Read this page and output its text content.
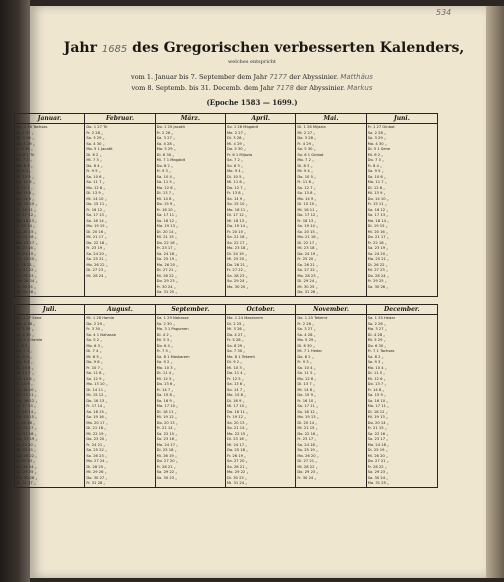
534
Jahr 1685 des Gregorischen verbesserten Kalenders,
welches entspricht
vom 1. Januar bis 7. September dem Jahr 7177 der Abyssinier. Matthäus
vom 8. Septemb. bis 31. Decemb. dem Jahr 7178 der Abyssinier. Markus
(Epoche 1583 — 1699.)
Januar.
Mo. 1 26 Tachsas
Di. 2 27 „
Mi. 3 28 „
Do. 4 29 „
Fr. 5 30 „
Sa. 6 1 Tir
So. 7 2 „
Mo. 8 3 „
Di. 9 4 „
Mi. 10 5 „
Do. 11 6 „
Fr. 12 7 „
Sa. 13 8 „
So. 14 9 „
Mo. 15 10 „
Di. 16 11 „
Mi. 17 12 „
Do. 18 13 „
Fr. 19 14 „
Sa. 20 15 „
So. 21 16 „
Mo. 22 17 „
Di. 23 18 „
Mi. 24 19 „
Do. 25 20 „
Fr. 26 21 „
Sa. 27 22 „
So. 28 23 „
Mo. 29 24 „
Di. 30 25 „
Mi. 31 26 „
Februar.
Do. 1 27 Tir
Fr. 2 28 „
Sa. 3 29 „
So. 4 30 „
Mo. 5 1 Jacatit
Di. 6 2 „
Mi. 7 3 „
Do. 8 4 „
Fr. 9 5 „
Sa. 10 6 „
So. 11 7 „
Mo. 12 8 „
Di. 13 9 „
Mi. 14 10 „
Do. 15 11 „
Fr. 16 12 „
Sa. 17 13 „
So. 18 14 „
Mo. 19 15 „
Di. 20 16 „
Mi. 21 17 „
Do. 22 18 „
Fr. 23 19 „
Sa. 24 20 „
So. 25 21 „
Mo. 26 22 „
Di. 27 23 „
Mi. 28 24 „
März.
Do. 1 25 Jacatit
Fr. 2 26 „
Sa. 3 27 „
So. 4 28 „
Mo. 5 29 „
Di. 6 30 „
Mi. 7 1 Magabit
Do. 8 2 „
Fr. 9 3 „
Sa. 10 4 „
So. 11 5 „
Mo. 12 6 „
Di. 13 7 „
Mi. 14 8 „
Do. 15 9 „
Fr. 16 10 „
Sa. 17 11 „
So. 18 12 „
Mo. 19 13 „
Di. 20 14 „
Mi. 21 15 „
Do. 22 16 „
Fr. 23 17 „
Sa. 24 18 „
So. 25 19 „
Mo. 26 20 „
Di. 27 21 „
Mi. 28 22 „
Do. 29 23 „
Fr. 30 24 „
Sa. 31 25 „
April.
So. 1 26 Magabit
Mo. 2 27 „
Di. 3 28 „
Mi. 4 29 „
Do. 5 30 „
Fr. 6 1 Mijazia
Sa. 7 2 „
So. 8 3 „
Mo. 9 4 „
Di. 10 5 „
Mi. 11 6 „
Do. 12 7 „
Fr. 13 8 „
Sa. 14 9 „
So. 15 10 „
Mo. 16 11 „
Di. 17 12 „
Mi. 18 13 „
Do. 19 14 „
Fr. 20 15 „
Sa. 21 16 „
So. 22 17 „
Mo. 23 18 „
Di. 24 19 „
Mi. 25 20 „
Do. 26 21 „
Fr. 27 22 „
Sa. 28 23 „
So. 29 24 „
Mo. 30 25 „
Mai.
Di. 1 26 Mijazia
Mi. 2 27 „
Do. 3 28 „
Fr. 4 29 „
Sa. 5 30 „
So. 6 1 Ginbot
Mo. 7 2 „
Di. 8 3 „
Mi. 9 4 „
Do. 10 5 „
Fr. 11 6 „
Sa. 12 7 „
So. 13 8 „
Mo. 14 9 „
Di. 15 10 „
Mi. 16 11 „
Do. 17 12 „
Fr. 18 13 „
Sa. 19 14 „
So. 20 15 „
Mo. 21 16 „
Di. 22 17 „
Mi. 23 18 „
Do. 24 19 „
Fr. 25 20 „
Sa. 26 21 „
So. 27 22 „
Mo. 28 23 „
Di. 29 24 „
Mi. 30 25 „
Do. 31 26 „
Juni.
Fr. 1 27 Ginbot
Sa. 2 28 „
So. 3 29 „
Mo. 4 30 „
Di. 5 1 Sene
Mi. 6 2 „
Do. 7 3 „
Fr. 8 4 „
Sa. 9 5 „
So. 10 6 „
Mo. 11 7 „
Di. 12 8 „
Mi. 13 9 „
Do. 14 10 „
Fr. 15 11 „
Sa. 16 12 „
So. 17 13 „
Mo. 18 14 „
Di. 19 15 „
Mi. 20 16 „
Do. 21 17 „
Fr. 22 18 „
Sa. 23 19 „
So. 24 20 „
Mo. 25 21 „
Di. 26 22 „
Mi. 27 23 „
Do. 28 24 „
Fr. 29 25 „
Sa. 30 26 „
Juli.
So. 1 27 Sene
Mo. 2 28 „
Di. 3 29 „
Mi. 4 30 „
Do. 5 1 Hamle
Fr. 6 2 „
Sa. 7 3 „
So. 8 4 „
Mo. 9 5 „
Di. 10 6 „
Mi. 11 7 „
Do. 12 8 „
Fr. 13 9 „
Sa. 14 10 „
So. 15 11 „
Mo. 16 12 „
Di. 17 13 „
Mi. 18 14 „
Do. 19 15 „
Fr. 20 16 „
Sa. 21 17 „
So. 22 18 „
Mo. 23 19 „
Di. 24 20 „
Mi. 25 21 „
Do. 26 22 „
Fr. 27 23 „
Sa. 28 24 „
So. 29 25 „
Mo. 30 26 „
Di. 31 27 „
August.
Mi. 1 28 Hamle
Do. 2 29 „
Fr. 3 30 „
Sa. 4 1 Nahasse
So. 5 2 „
Mo. 6 3 „
Di. 7 4 „
Mi. 8 5 „
Do. 9 6 „
Fr. 10 7 „
Sa. 11 8 „
So. 12 9 „
Mo. 13 10 „
Di. 14 11 „
Mi. 15 12 „
Do. 16 13 „
Fr. 17 14 „
Sa. 18 15 „
So. 19 16 „
Mo. 20 17 „
Di. 21 18 „
Mi. 22 19 „
Do. 23 20 „
Fr. 24 21 „
Sa. 25 22 „
So. 26 23 „
Mo. 27 24 „
Di. 28 25 „
Mi. 29 26 „
Do. 30 27 „
Fr. 31 28 „
September.
Sa. 1 29 Nahasse
So. 2 30 „
Mo. 3 1 Pagumen
Di. 4 2 „
Mi. 5 3 „
Do. 6 4 „
Fr. 7 5 „
Sa. 8 1 Maskarem
So. 9 2 „
Mo. 10 3 „
Di. 11 4 „
Mi. 12 5 „
Do. 13 6 „
Fr. 14 7 „
Sa. 15 8 „
So. 16 9 „
Mo. 17 10 „
Di. 18 11 „
Mi. 19 12 „
Do. 20 13 „
Fr. 21 14 „
Sa. 22 15 „
So. 23 16 „
Mo. 24 17 „
Di. 25 18 „
Mi. 26 19 „
Do. 27 20 „
Fr. 28 21 „
Sa. 29 22 „
So. 30 23 „
October.
Mo. 1 24 Maskarem
Di. 2 25 „
Mi. 3 26 „
Do. 4 27 „
Fr. 5 28 „
Sa. 6 29 „
So. 7 30 „
Mo. 8 1 Tekemt
Di. 9 2 „
Mi. 10 3 „
Do. 11 4 „
Fr. 12 5 „
Sa. 13 6 „
So. 14 7 „
Mo. 15 8 „
Di. 16 9 „
Mi. 17 10 „
Do. 18 11 „
Fr. 19 12 „
Sa. 20 13 „
So. 21 14 „
Mo. 22 15 „
Di. 23 16 „
Mi. 24 17 „
Do. 25 18 „
Fr. 26 19 „
Sa. 27 20 „
So. 28 21 „
Mo. 29 22 „
Di. 30 23 „
Mi. 31 24 „
November.
Do. 1 25 Tekemt
Fr. 2 26 „
Sa. 3 27 „
So. 4 28 „
Mo. 5 29 „
Di. 6 30 „
Mi. 7 1 Hedar
Do. 8 2 „
Fr. 9 3 „
Sa. 10 4 „
So. 11 5 „
Mo. 12 6 „
Di. 13 7 „
Mi. 14 8 „
Do. 15 9 „
Fr. 16 10 „
Sa. 17 11 „
So. 18 12 „
Mo. 19 13 „
Di. 20 14 „
Mi. 21 15 „
Do. 22 16 „
Fr. 23 17 „
Sa. 24 18 „
So. 25 19 „
Mo. 26 20 „
Di. 27 21 „
Mi. 28 22 „
Do. 29 23 „
Fr. 30 24 „
December.
Sa. 1 25 Hedar
So. 2 26 „
Mo. 3 27 „
Di. 4 28 „
Mi. 5 29 „
Do. 6 30 „
Fr. 7 1 Tachsas
Sa. 8 2 „
So. 9 3 „
Mo. 10 4 „
Di. 11 5 „
Mi. 12 6 „
Do. 13 7 „
Fr. 14 8 „
Sa. 15 9 „
So. 16 10 „
Mo. 17 11 „
Di. 18 12 „
Mi. 19 13 „
Do. 20 14 „
Fr. 21 15 „
Sa. 22 16 „
So. 23 17 „
Mo. 24 18 „
Di. 25 19 „
Mi. 26 20 „
Do. 27 21 „
Fr. 28 22 „
Sa. 29 23 „
So. 30 24 „
Mo. 31 25 „
